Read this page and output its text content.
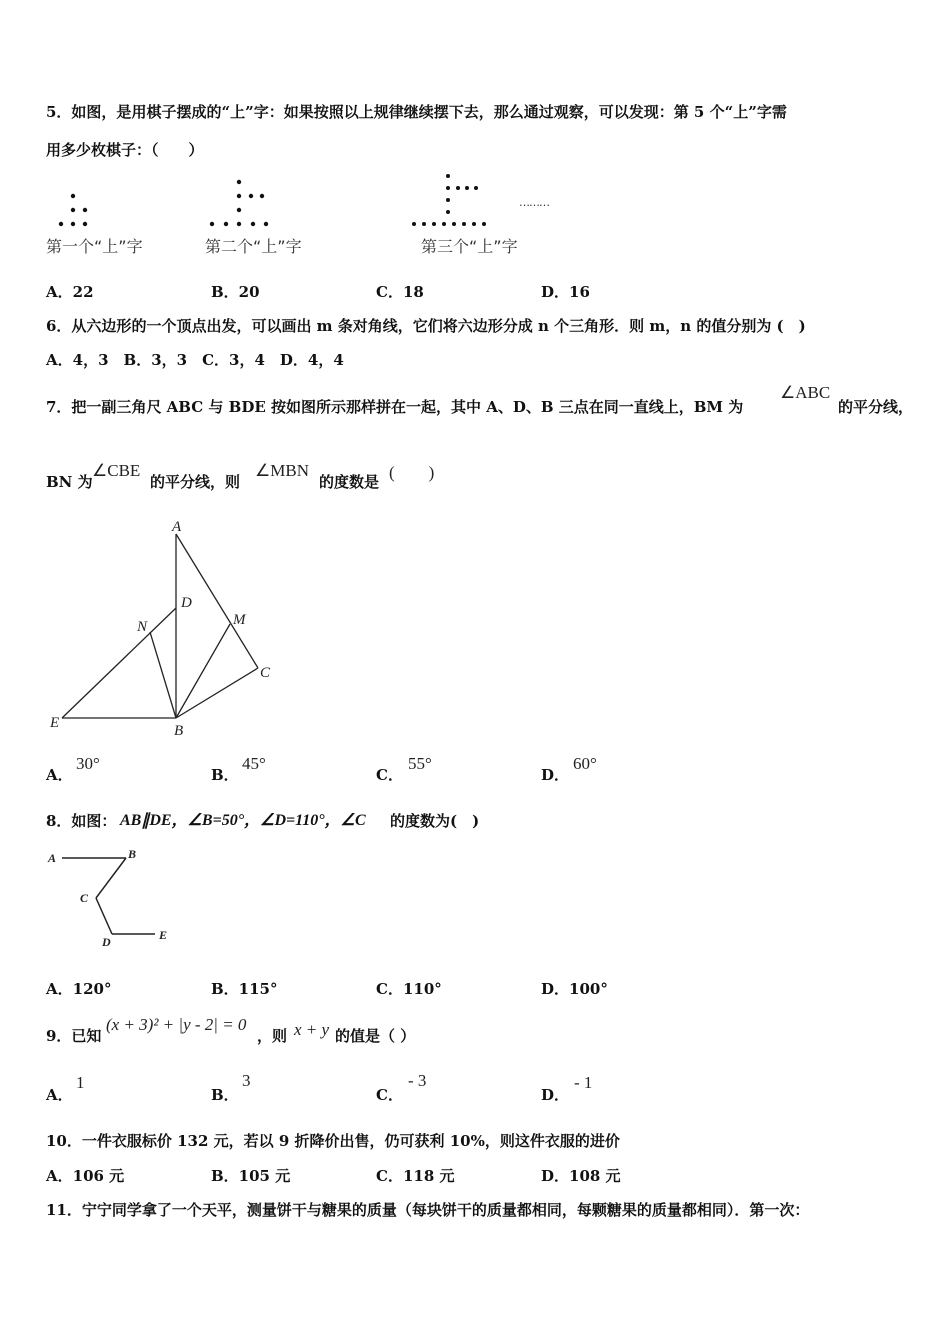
5．如图，是用棋子摆成的“上”字：如果按照以上规律继续摆下去，那么通过观察，可以发现：第 5 个“上”字需
用多少枚棋子：（　　）
第一个“上”字	第二个“上”字	第三个“上”字
………
A．22	B．20	C．18	D．16
6．从六边形的一个顶点出发，可以画出 m 条对角线，它们将六边形分成 n 个三角形．则 m，n 的值分别为 (　)
A．4，3　B．3，3　C．3，4　D．4，4
7．把一副三角尺 ABC 与 BDE 按如图所示那样拼在一起，其中 A、D、B 三点在同一直线上，BM 为
∠ABC
的平分线，
BN 为
∠CBE
的平分线，则
∠MBN
的度数是 (　　)
A
D
M
N
C
E	B
A．
30°
B．
45°
C．
55°
D．
60°
8．如图： AB∥DE，∠B=50°，∠D=110°，∠C 的度数为(　)
A	B
C
D	E
A．120°	B．115°	C．110°	D．100°
9．已知
(x + 3)² + |y - 2| = 0
，则 x + y 的值是（ ）
A．
1
B．
3
C．
- 3
D．
- 1
10．一件衣服标价 132 元，若以 9 折降价出售，仍可获利 10%，则这件衣服的进价
A．106 元	B．105 元	C．118 元	D．108 元
11．宁宁同学拿了一个天平，测量饼干与糖果的质量（每块饼干的质量都相同，每颗糖果的质量都相同）．第一次：
